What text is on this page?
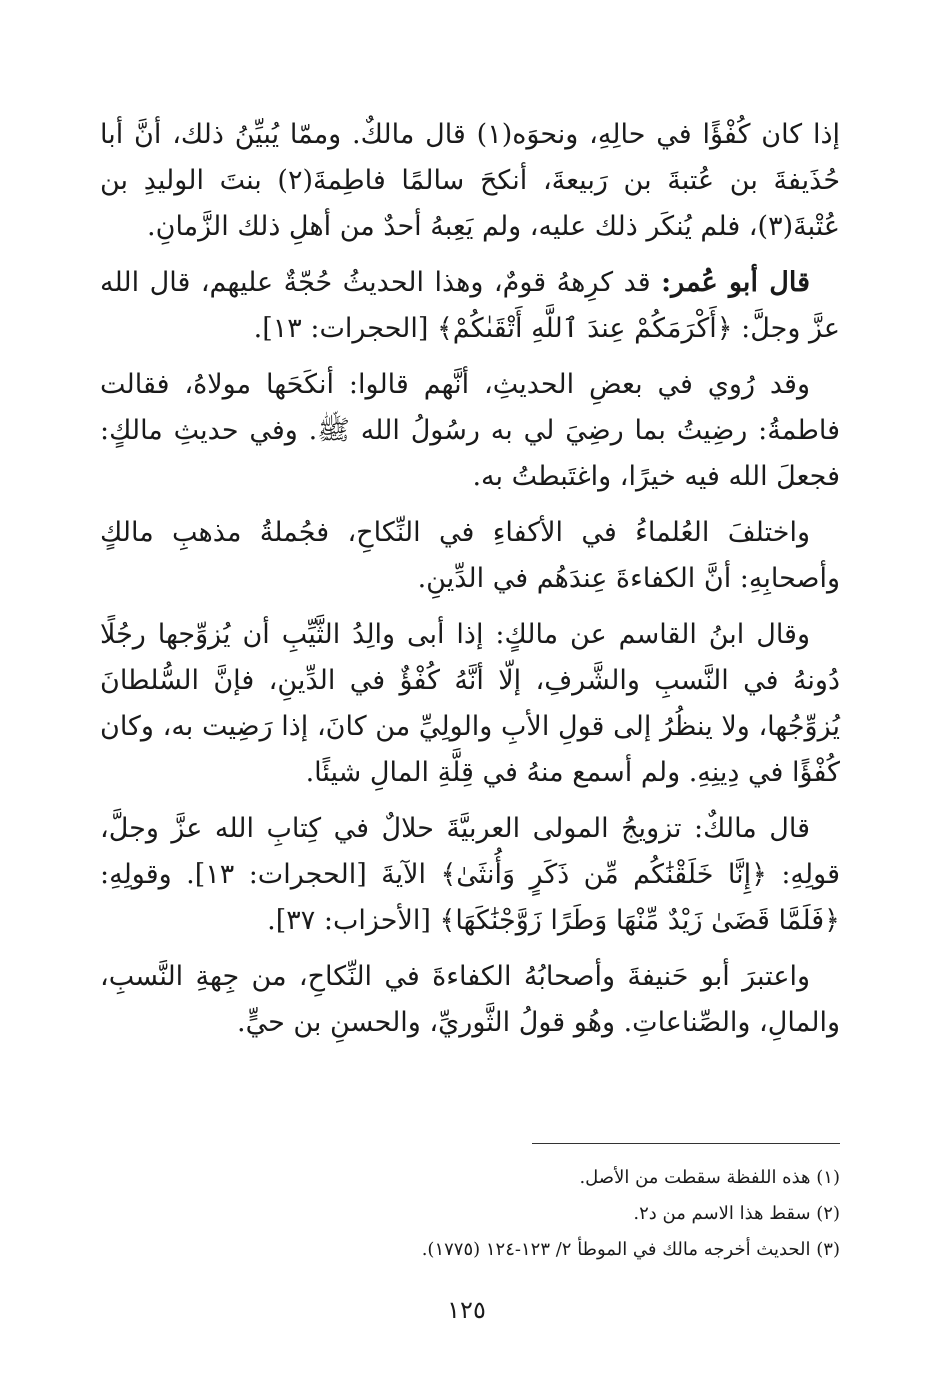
إذا كان كُفْؤًا في حالِهِ، ونحوَه(١) قال مالكٌ. وممّا يُبيِّنُ ذلك، أنَّ أبا حُذَيفةَ بن عُتبةَ بن رَبيعةَ، أنكحَ سالمًا فاطِمةَ(٢) بنتَ الوليدِ بن عُتْبةَ(٣)، فلم يُنكَر ذلك عليه، ولم يَعِبهُ أحدٌ من أهلِ ذلك الزَّمانِ.

قال أبو عُمر: قد كرِههُ قومٌ، وهذا الحديثُ حُجّةٌ عليهم، قال الله عزَّ وجلَّ: ﴿أَكْرَمَكُمْ عِندَ ٱللَّهِ أَتْقَىٰكُمْ﴾ [الحجرات: ١٣].

وقد رُوي في بعضِ الحديثِ، أنَّهم قالوا: أنكَحَها مولاهُ، فقالت فاطمةُ: رضِيتُ بما رضِيَ لي به رسُولُ الله ﷺ. وفي حديثِ مالكٍ: فجعلَ الله فيه خيرًا، واغتَبطتُ به.

واختلفَ العُلماءُ في الأكفاءِ في النِّكاحِ، فجُملةُ مذهبِ مالكٍ وأصحابِهِ: أنَّ الكفاءةَ عِندَهُم في الدِّينِ.

وقال ابنُ القاسم عن مالكٍ: إذا أبى والِدُ الثَّيِّبِ أن يُزوِّجها رجُلًا دُونهُ في النَّسبِ والشَّرفِ، إلّا أنَّهُ كُفْؤٌ في الدِّينِ، فإنَّ السُّلطانَ يُزوِّجُها، ولا ينظُرُ إلى قولِ الأبِ والولِيِّ من كانَ، إذا رَضِيت به، وكان كُفْؤًا في دِينِهِ. ولم أسمع منهُ في قِلَّةِ المالِ شيئًا.

قال مالكٌ: تزويجُ المولى العربيَّةَ حلالٌ في كِتابِ الله عزَّ وجلَّ، قولِهِ: ﴿إِنَّا خَلَقْنَٰكُم مِّن ذَكَرٍ وَأُنثَىٰ﴾ الآيةَ [الحجرات: ١٣]. وقولِهِ: ﴿فَلَمَّا قَضَىٰ زَيْدٌ مِّنْهَا وَطَرًا زَوَّجْنَٰكَهَا﴾ [الأحزاب: ٣٧].

واعتبرَ أبو حَنيفةَ وأصحابُهُ الكفاءةَ في النِّكاحِ، من جِهةِ النَّسبِ، والمالِ، والصِّناعاتِ. وهُو قولُ الثَّوريِّ، والحسنِ بن حيٍّ.

(١) هذه اللفظة سقطت من الأصل.

(٢) سقط هذا الاسم من د٢.

(٣) الحديث أخرجه مالك في الموطأ ٢/ ١٢٣-١٢٤ (١٧٧٥).

١٢٥
